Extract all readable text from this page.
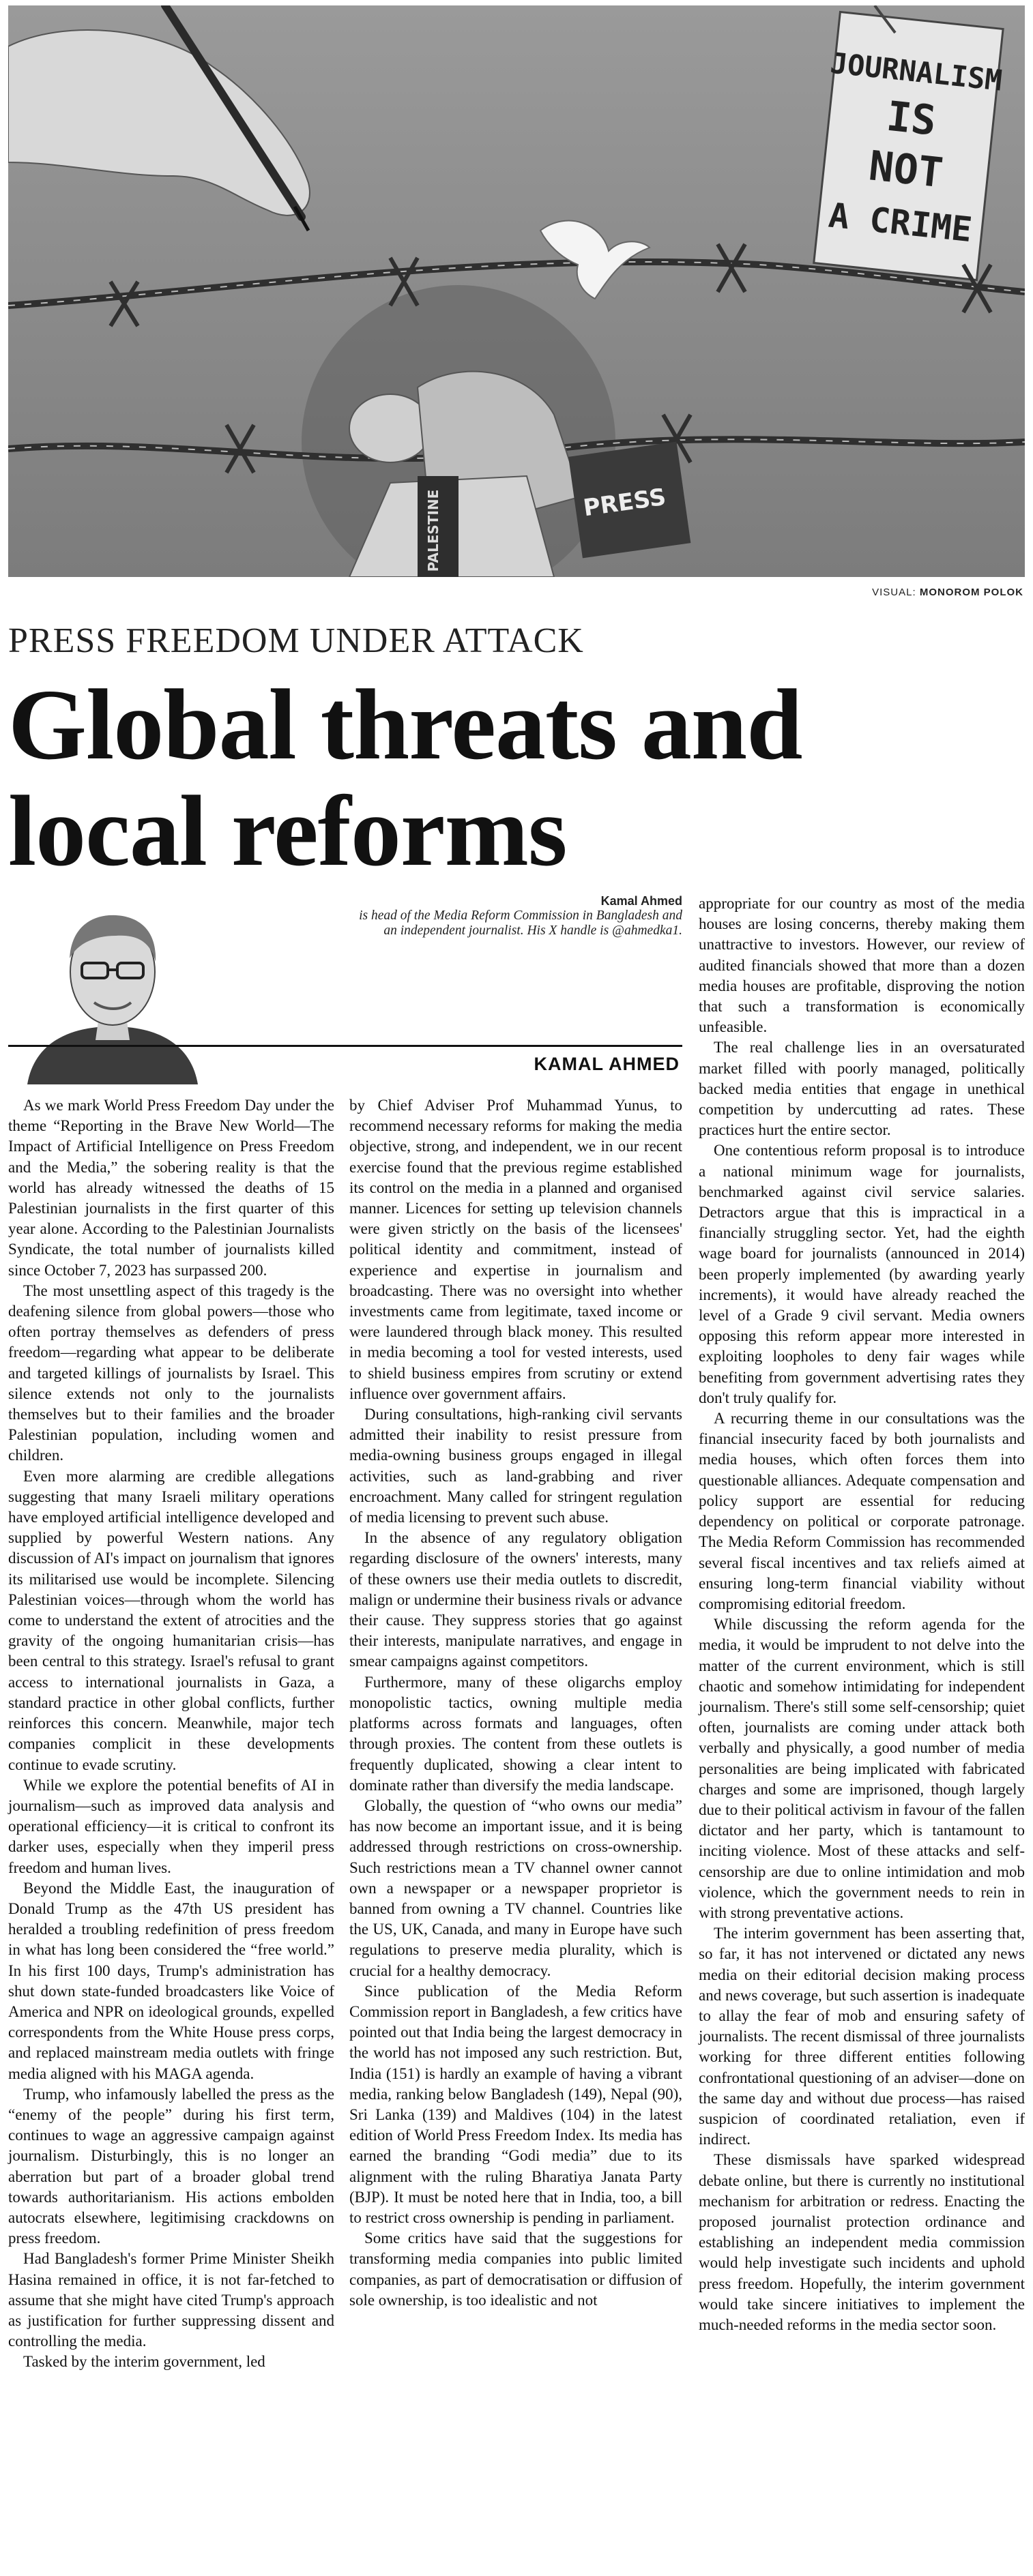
JOURNALISM
IS
NOT
A CRIME
PRESS
PALESTINE
VISUAL: MONOROM POLOK
PRESS FREEDOM UNDER ATTACK
Global threats and
local reforms
Kamal Ahmed
is head of the Media Reform Commission in Bangladesh and an independent journalist. His X handle is @ahmedka1.
KAMAL AHMED

As we mark World Press Freedom Day under the theme “Reporting in the Brave New World—The Impact of Artificial Intelligence on Press Freedom and the Media,” the sobering reality is that the world has already witnessed the deaths of 15 Palestinian journalists in the first quarter of this year alone. According to the Palestinian Journalists Syndicate, the total number of journalists killed since October 7, 2023 has surpassed 200.

The most unsettling aspect of this tragedy is the deafening silence from global powers—those who often portray themselves as defenders of press freedom—regarding what appear to be deliberate and targeted killings of journalists by Israel. This silence extends not only to the journalists themselves but to their families and the broader Palestinian population, including women and children.

Even more alarming are credible allegations suggesting that many Israeli military operations have employed artificial intelligence developed and supplied by powerful Western nations. Any discussion of AI's impact on journalism that ignores its militarised use would be incomplete. Silencing Palestinian voices—through whom the world has come to understand the extent of atrocities and the gravity of the ongoing humanitarian crisis—has been central to this strategy. Israel's refusal to grant access to international journalists in Gaza, a standard practice in other global conflicts, further reinforces this concern. Meanwhile, major tech companies complicit in these developments continue to evade scrutiny.

While we explore the potential benefits of AI in journalism—such as improved data analysis and operational efficiency—it is critical to confront its darker uses, especially when they imperil press freedom and human lives.

Beyond the Middle East, the inauguration of Donald Trump as the 47th US president has heralded a troubling redefinition of press freedom in what has long been considered the “free world.” In his first 100 days, Trump's administration has shut down state-funded broadcasters like Voice of America and NPR on ideological grounds, expelled correspondents from the White House press corps, and replaced mainstream media outlets with fringe media aligned with his MAGA agenda.

Trump, who infamously labelled the press as the “enemy of the people” during his first term, continues to wage an aggressive campaign against journalism. Disturbingly, this is no longer an aberration but part of a broader global trend towards authoritarianism. His actions embolden autocrats elsewhere, legitimising crackdowns on press freedom.

Had Bangladesh's former Prime Minister Sheikh Hasina remained in office, it is not far-fetched to assume that she might have cited Trump's approach as justification for further suppressing dissent and controlling the media.

Tasked by the interim government, led

by Chief Adviser Prof Muhammad Yunus, to recommend necessary reforms for making the media objective, strong, and independent, we in our recent exercise found that the previous regime established its control on the media in a planned and organised manner. Licences for setting up television channels were given strictly on the basis of the licensees' political identity and commitment, instead of experience and expertise in journalism and broadcasting. There was no oversight into whether investments came from legitimate, taxed income or were laundered through black money. This resulted in media becoming a tool for vested interests, used to shield business empires from scrutiny or extend influence over government affairs.

During consultations, high-ranking civil servants admitted their inability to resist pressure from media-owning business groups engaged in illegal activities, such as land-grabbing and river encroachment. Many called for stringent regulation of media licensing to prevent such abuse.

In the absence of any regulatory obligation regarding disclosure of the owners' interests, many of these owners use their media outlets to discredit, malign or undermine their business rivals or advance their cause. They suppress stories that go against their interests, manipulate narratives, and engage in smear campaigns against competitors.

Furthermore, many of these oligarchs employ monopolistic tactics, owning multiple media platforms across formats and languages, often through proxies. The content from these outlets is frequently duplicated, showing a clear intent to dominate rather than diversify the media landscape.

Globally, the question of “who owns our media” has now become an important issue, and it is being addressed through restrictions on cross-ownership. Such restrictions mean a TV channel owner cannot own a newspaper or a newspaper proprietor is banned from owning a TV channel. Countries like the US, UK, Canada, and many in Europe have such regulations to preserve media plurality, which is crucial for a healthy democracy.

Since publication of the Media Reform Commission report in Bangladesh, a few critics have pointed out that India being the largest democracy in the world has not imposed any such restriction. But, India (151) is hardly an example of having a vibrant media, ranking below Bangladesh (149), Nepal (90), Sri Lanka (139) and Maldives (104) in the latest edition of World Press Freedom Index. Its media has earned the branding “Godi media” due to its alignment with the ruling Bharatiya Janata Party (BJP). It must be noted here that in India, too, a bill to restrict cross ownership is pending in parliament.

Some critics have said that the suggestions for transforming media companies into public limited companies, as part of democratisation or diffusion of sole ownership, is too idealistic and not

appropriate for our country as most of the media houses are losing concerns, thereby making them unattractive to investors. However, our review of audited financials showed that more than a dozen media houses are profitable, disproving the notion that such a transformation is economically unfeasible.

The real challenge lies in an oversaturated market filled with poorly managed, politically backed media entities that engage in unethical competition by undercutting ad rates. These practices hurt the entire sector.

One contentious reform proposal is to introduce a national minimum wage for journalists, benchmarked against civil service salaries. Detractors argue that this is impractical in a financially struggling sector. Yet, had the eighth wage board for journalists (announced in 2014) been properly implemented (by awarding yearly increments), it would have already reached the level of a Grade 9 civil servant. Media owners opposing this reform appear more interested in exploiting loopholes to deny fair wages while benefiting from government advertising rates they don't truly qualify for.

A recurring theme in our consultations was the financial insecurity faced by both journalists and media houses, which often forces them into questionable alliances. Adequate compensation and policy support are essential for reducing dependency on political or corporate patronage. The Media Reform Commission has recommended several fiscal incentives and tax reliefs aimed at ensuring long-term financial viability without compromising editorial freedom.

While discussing the reform agenda for the media, it would be imprudent to not delve into the matter of the current environment, which is still chaotic and somehow intimidating for independent journalism. There's still some self-censorship; quiet often, journalists are coming under attack both verbally and physically, a good number of media personalities are being implicated with fabricated charges and some are imprisoned, though largely due to their political activism in favour of the fallen dictator and her party, which is tantamount to inciting violence. Most of these attacks and self-censorship are due to online intimidation and mob violence, which the government needs to rein in with strong preventative actions.

The interim government has been asserting that, so far, it has not intervened or dictated any news media on their editorial decision making process and news coverage, but such assertion is inadequate to allay the fear of mob and ensuring safety of journalists. The recent dismissal of three journalists working for three different entities following confrontational questioning of an adviser—done on the same day and without due process—has raised suspicion of coordinated retaliation, even if indirect.

These dismissals have sparked widespread debate online, but there is currently no institutional mechanism for arbitration or redress. Enacting the proposed journalist protection ordinance and establishing an independent media commission would help investigate such incidents and uphold press freedom. Hopefully, the interim government would take sincere initiatives to implement the much-needed reforms in the media sector soon.
